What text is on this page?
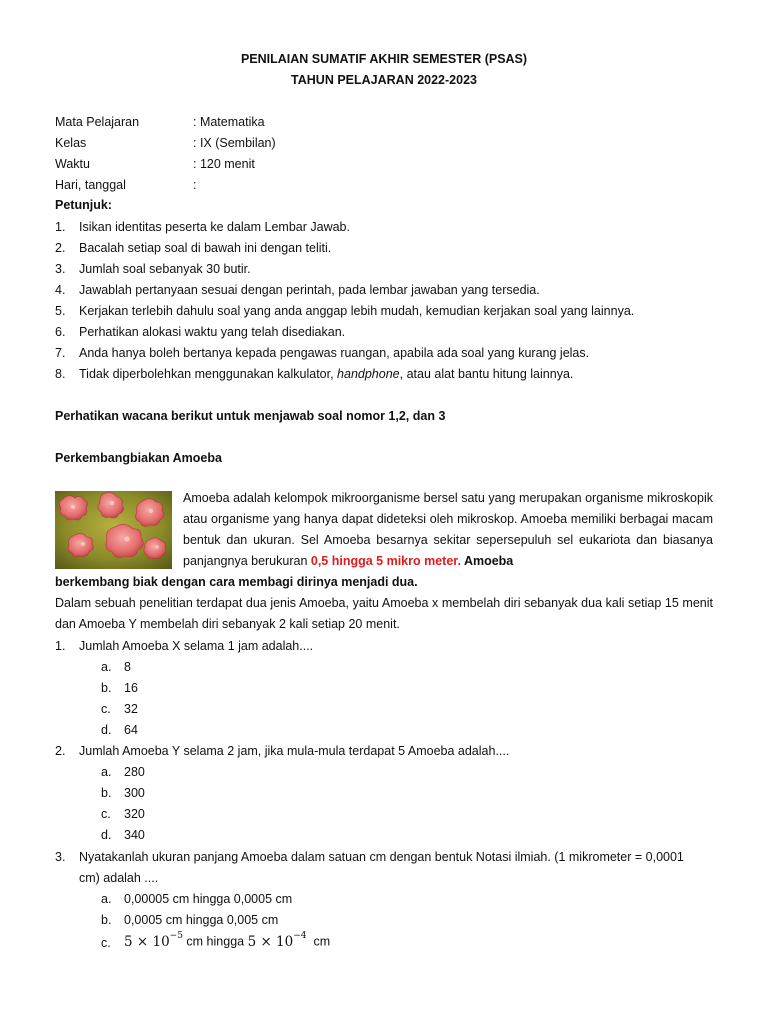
PENILAIAN SUMATIF AKHIR SEMESTER (PSAS)
TAHUN PELAJARAN 2022-2023
Mata Pelajaran	: Matematika
Kelas	: IX (Sembilan)
Waktu	: 120 menit
Hari, tanggal	:
Petunjuk:
1. Isikan identitas peserta ke dalam Lembar Jawab.
2. Bacalah setiap soal di bawah ini dengan teliti.
3. Jumlah soal sebanyak 30 butir.
4. Jawablah pertanyaan sesuai dengan perintah, pada lembar jawaban yang tersedia.
5. Kerjakan terlebih dahulu soal yang anda anggap lebih mudah, kemudian kerjakan soal yang lainnya.
6. Perhatikan alokasi waktu yang telah disediakan.
7. Anda hanya boleh bertanya kepada pengawas ruangan, apabila ada soal yang kurang jelas.
8. Tidak diperbolehkan menggunakan kalkulator, handphone, atau alat bantu hitung lainnya.
Perhatikan wacana berikut untuk menjawab soal nomor 1,2, dan 3
Perkembangbiakan Amoeba
Amoeba adalah kelompok mikroorganisme bersel satu yang merupakan organisme mikroskopik atau organisme yang hanya dapat dideteksi oleh mikroskop. Amoeba memiliki berbagai macam bentuk dan ukuran. Sel Amoeba besarnya sekitar sepersepuluh sel eukariota dan biasanya panjangnya berukuran 0,5 hingga 5 mikro meter. Amoeba
berkembang biak dengan cara membagi dirinya menjadi dua.
Dalam sebuah penelitian terdapat dua jenis Amoeba, yaitu Amoeba x membelah diri sebanyak dua kali setiap 15 menit dan Amoeba Y membelah diri sebanyak 2 kali setiap 20 menit.
1. Jumlah Amoeba X selama 1 jam adalah....
a. 8
b. 16
c. 32
d. 64
2. Jumlah Amoeba Y selama 2 jam, jika mula-mula terdapat 5 Amoeba adalah....
a. 280
b. 300
c. 320
d. 340
3. Nyatakanlah ukuran panjang Amoeba dalam satuan cm dengan bentuk Notasi ilmiah. (1 mikrometer = 0,0001
cm) adalah ....
a. 0,00005 cm hingga 0,0005 cm
b. 0,0005 cm hingga 0,005 cm
c. $5 \times 10^{-5}$ cm hingga $5 \times 10^{-4}$  cm
